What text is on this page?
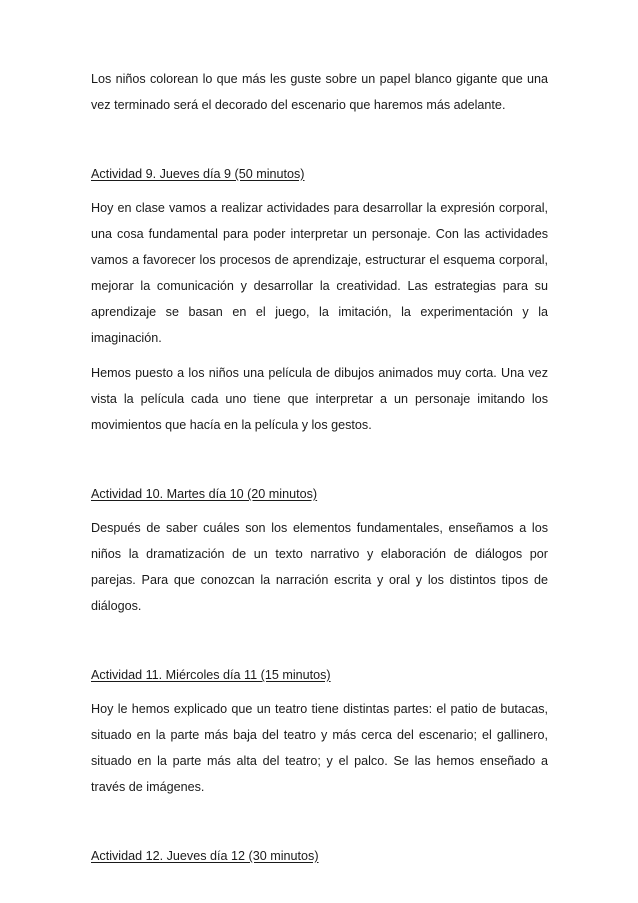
Los niños colorean lo que más les guste sobre un papel blanco gigante que una vez terminado será el decorado del escenario que haremos más adelante.

Actividad 9. Jueves día 9 (50 minutos)

Hoy en clase vamos a realizar actividades para desarrollar la expresión corporal, una cosa fundamental para poder interpretar un personaje. Con las actividades vamos a favorecer los procesos de aprendizaje, estructurar el esquema corporal, mejorar la comunicación y desarrollar la creatividad. Las estrategias para su aprendizaje se basan en el juego, la imitación, la experimentación y la imaginación.

Hemos puesto a los niños una película de dibujos animados muy corta. Una vez vista la película cada uno tiene que interpretar a un personaje imitando los movimientos que hacía en la película y los gestos.

Actividad 10. Martes día 10 (20 minutos)

Después de saber cuáles son los elementos fundamentales, enseñamos a los niños la dramatización de un texto narrativo y elaboración de diálogos por parejas. Para que conozcan la narración escrita y oral y los distintos tipos de diálogos.

Actividad 11. Miércoles día 11 (15 minutos)

Hoy le hemos explicado que un teatro tiene distintas partes: el patio de butacas, situado en la parte más baja del teatro y más cerca del escenario; el gallinero, situado en la parte más alta del teatro; y el palco. Se las hemos enseñado a través de imágenes.

Actividad 12. Jueves día 12 (30 minutos)
